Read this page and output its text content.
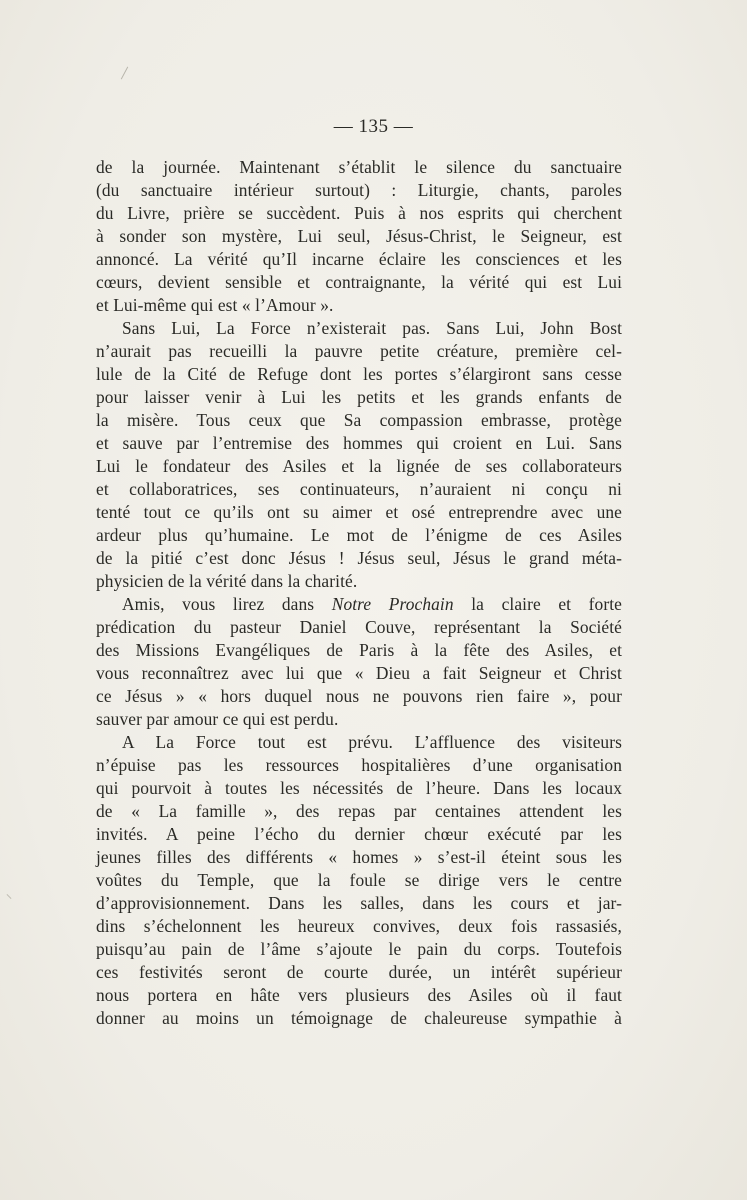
— 135 —
de la journée. Maintenant s’établit le silence du sanctuaire
(du sanctuaire intérieur surtout) : Liturgie, chants, paroles
du Livre, prière se succèdent. Puis à nos esprits qui cherchent
à sonder son mystère, Lui seul, Jésus-Christ, le Seigneur, est
annoncé. La vérité qu’Il incarne éclaire les consciences et les
cœurs, devient sensible et contraignante, la vérité qui est Lui
et Lui-même qui est « l’Amour ».
Sans Lui, La Force n’existerait pas. Sans Lui, John Bost
n’aurait pas recueilli la pauvre petite créature, première cel-
lule de la Cité de Refuge dont les portes s’élargiront sans cesse
pour laisser venir à Lui les petits et les grands enfants de
la misère. Tous ceux que Sa compassion embrasse, protège
et sauve par l’entremise des hommes qui croient en Lui. Sans
Lui le fondateur des Asiles et la lignée de ses collaborateurs
et collaboratrices, ses continuateurs, n’auraient ni conçu ni
tenté tout ce qu’ils ont su aimer et osé entreprendre avec une
ardeur plus qu’humaine. Le mot de l’énigme de ces Asiles
de la pitié c’est donc Jésus ! Jésus seul, Jésus le grand méta-
physicien de la vérité dans la charité.
Amis, vous lirez dans Notre Prochain la claire et forte
prédication du pasteur Daniel Couve, représentant la Société
des Missions Evangéliques de Paris à la fête des Asiles, et
vous reconnaîtrez avec lui que « Dieu a fait Seigneur et Christ
ce Jésus » « hors duquel nous ne pouvons rien faire », pour
sauver par amour ce qui est perdu.
A La Force tout est prévu. L’affluence des visiteurs
n’épuise pas les ressources hospitalières d’une organisation
qui pourvoit à toutes les nécessités de l’heure. Dans les locaux
de « La famille », des repas par centaines attendent les
invités. A peine l’écho du dernier chœur exécuté par les
jeunes filles des différents « homes » s’est-il éteint sous les
voûtes du Temple, que la foule se dirige vers le centre
d’approvisionnement. Dans les salles, dans les cours et jar-
dins s’échelonnent les heureux convives, deux fois rassasiés,
puisqu’au pain de l’âme s’ajoute le pain du corps. Toutefois
ces festivités seront de courte durée, un intérêt supérieur
nous portera en hâte vers plusieurs des Asiles où il faut
donner au moins un témoignage de chaleureuse sympathie à
